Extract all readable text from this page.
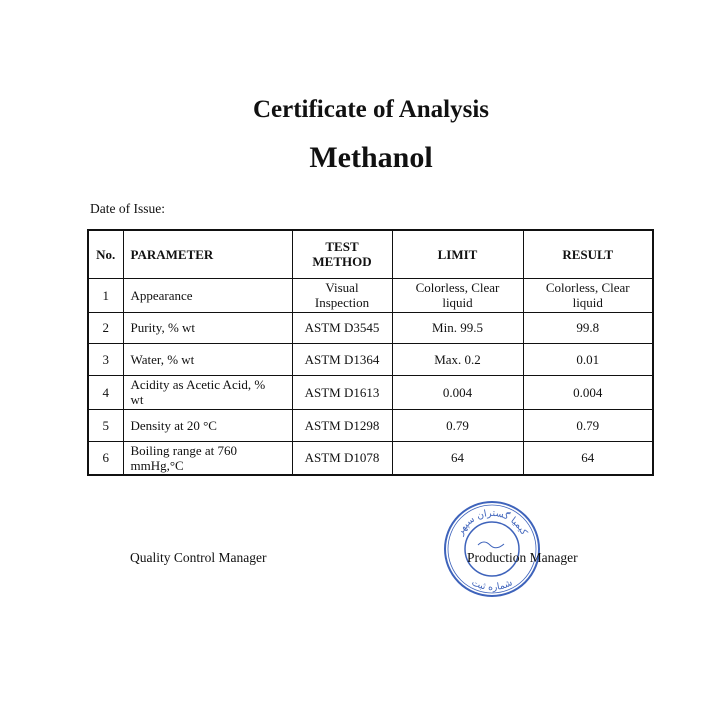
Certificate of Analysis
Methanol
Date of Issue:
No.	PARAMETER	TEST METHOD	LIMIT	RESULT
1	Appearance	Visual Inspection	Colorless, Clear liquid	Colorless, Clear liquid
2	Purity, % wt	ASTM D3545	Min. 99.5	99.8
3	Water, % wt	ASTM D1364	Max. 0.2	0.01
4	Acidity as Acetic Acid, % wt	ASTM D1613	0.004	0.004
5	Density at 20 °C	ASTM D1298	0.79	0.79
6	Boiling range at 760 mmHg,°C	ASTM D1078	64	64
Quality Control Manager	Production Manager
کیمیا گستران سپهر
شماره ثبت
